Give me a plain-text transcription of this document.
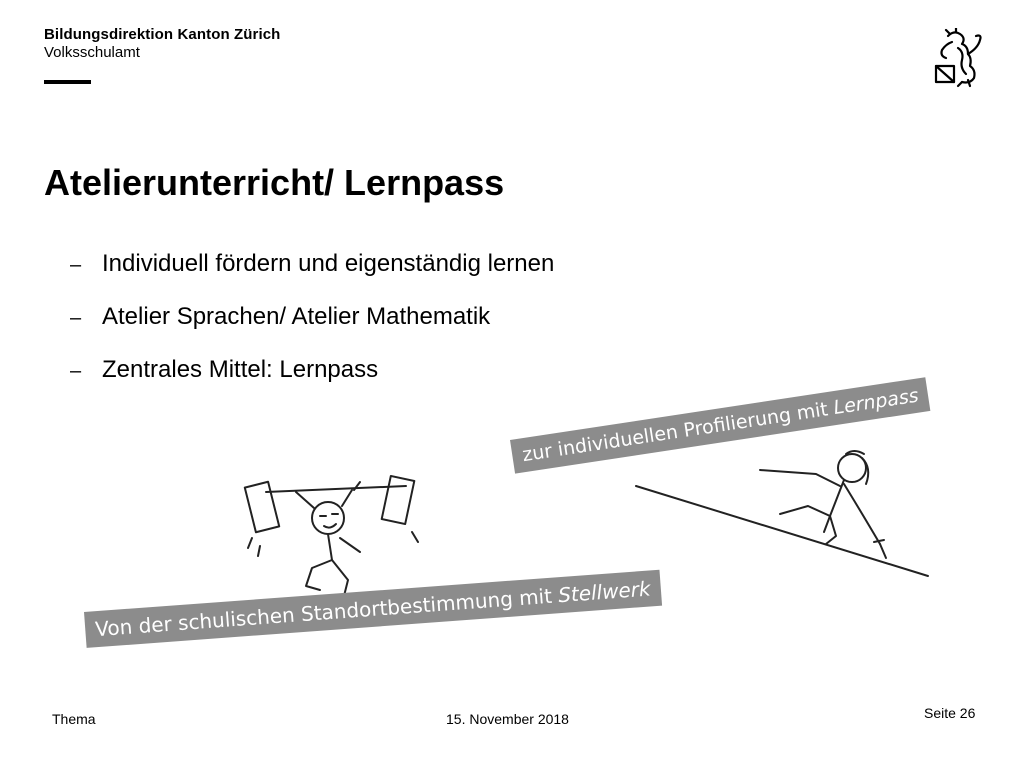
Bildungsdirektion Kanton Zürich
Volksschulamt
Atelierunterricht/ Lernpass
– Individuell fördern und eigenständig lernen
– Atelier Sprachen/ Atelier Mathematik
– Zentrales Mittel: Lernpass
zur individuellen Profilierung mit Lernpass
Von der schulischen Standortbestimmung mit Stellwerk
Thema	15. November 2018	Seite 26
